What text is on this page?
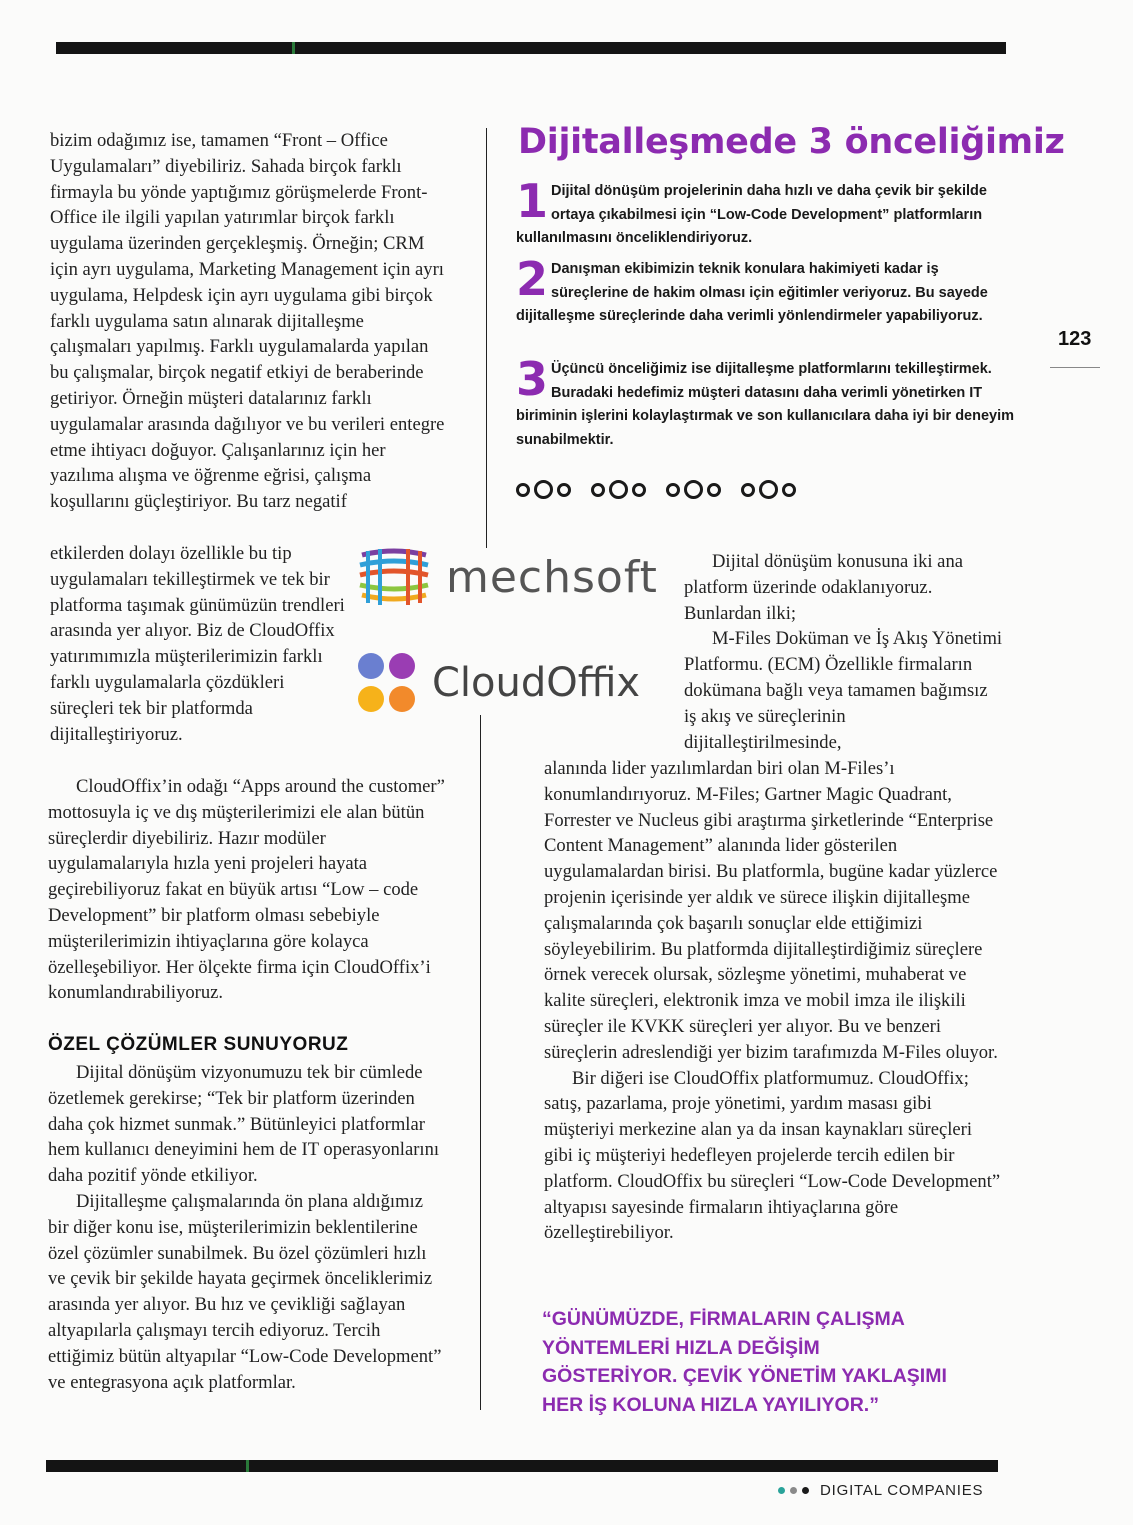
bizim odağımız ise, tamamen “Front – Office Uygulamaları” diyebiliriz. Sahada birçok farklı firmayla bu yönde yaptığımız görüşmelerde Front- Office ile ilgili yapılan yatırımlar birçok farklı uygulama üzerinden gerçekleşmiş. Örneğin; CRM için ayrı uygulama, Marketing Management için ayrı uygulama, Helpdesk için ayrı uygulama gibi birçok farklı uygulama satın alınarak dijitalleşme çalışmaları yapılmış. Farklı uygulamalarda yapılan bu çalışmalar, birçok negatif etkiyi de beraberinde getiriyor. Örneğin müşteri datalarınız farklı uygulamalar arasında dağılıyor ve bu verileri entegre etme ihtiyacı doğuyor. Çalışanlarınız için her yazılıma alışma ve öğrenme eğrisi, çalışma koşullarını güçleştiriyor. Bu tarz negatif

etkilerden dolayı özellikle bu tip uygulamaları tekilleştirmek ve tek bir platforma taşımak günümüzün trendleri arasında yer alıyor. Biz de CloudOffix yatırımımızla müşterilerimizin farklı farklı uygulamalarla çözdükleri süreçleri tek bir platformda dijitalleştiriyoruz.

CloudOffix’in odağı “Apps around the customer” mottosuyla iç ve dış müşterilerimizi ele alan bütün süreçlerdir diyebiliriz. Hazır modüler uygulamalarıyla hızla yeni projeleri hayata geçirebiliyoruz fakat en büyük artısı “Low – code Development” bir platform olması sebebiyle müşterilerimizin ihtiyaçlarına göre kolayca özelleşebiliyor. Her ölçekte firma için CloudOffix’i konumlandırabiliyoruz.

ÖZEL ÇÖZÜMLER SUNUYORUZ

Dijital dönüşüm vizyonumuzu tek bir cümlede özetlemek gerekirse; “Tek bir platform üzerinden daha çok hizmet sunmak.” Bütünleyici platformlar hem kullanıcı deneyimini hem de IT operasyonlarını daha pozitif yönde etkiliyor.

Dijitalleşme çalışmalarında ön plana aldığımız bir diğer konu ise, müşterilerimizin beklentilerine özel çözümler sunabilmek. Bu özel çözümleri hızlı ve çevik bir şekilde hayata geçirmek önceliklerimiz arasında yer alıyor. Bu hız ve çevikliği sağlayan altyapılarla çalışmayı tercih ediyoruz. Tercih ettiğimiz bütün altyapılar “Low-Code Development” ve entegrasyona açık platformlar.

Dijitalleşmede 3 önceliğimiz
1 Dijital dönüşüm projelerinin daha hızlı ve daha çevik bir şekilde ortaya çıkabilmesi için “Low-Code Development” platformların kullanılmasını önceliklendiriyoruz.
2 Danışman ekibimizin teknik konulara hakimiyeti kadar iş süreçlerine de hakim olması için eğitimler veriyoruz. Bu sayede dijitalleşme süreçlerinde daha verimli yönlendirmeler yapabiliyoruz.
3 Üçüncü önceliğimiz ise dijitalleşme platformlarını tekilleştirmek. Buradaki hedefimiz müşteri datasını daha verimli yönetirken IT biriminin işlerini kolaylaştırmak ve son kullanıcılara daha iyi bir deneyim sunabilmektir.
mechsoft
CloudOffix

Dijital dönüşüm konusuna iki ana platform üzerinde odaklanıyoruz. Bunlardan ilki;

M-Files Doküman ve İş Akış Yönetimi Platformu. (ECM) Özellikle firmaların dokümana bağlı veya tamamen bağımsız iş akış ve süreçlerinin dijitalleştirilmesinde,

alanında lider yazılımlardan biri olan M-Files’ı konumlandırıyoruz. M-Files; Gartner Magic Quadrant, Forrester ve Nucleus gibi araştırma şirketlerinde “Enterprise Content Management” alanında lider gösterilen uygulamalardan birisi. Bu platformla, bugüne kadar yüzlerce projenin içerisinde yer aldık ve sürece ilişkin dijitalleşme çalışmalarında çok başarılı sonuçlar elde ettiğimizi söyleyebilirim. Bu platformda dijitalleştirdiğimiz süreçlere örnek verecek olursak, sözleşme yönetimi, muhaberat ve kalite süreçleri, elektronik imza ve mobil imza ile ilişkili süreçler ile KVKK süreçleri yer alıyor. Bu ve benzeri süreçlerin adreslendiği yer bizim tarafımızda M-Files oluyor.

Bir diğeri ise CloudOffix platformumuz. CloudOffix; satış, pazarlama, proje yönetimi, yardım masası gibi müşteriyi merkezine alan ya da insan kaynakları süreçleri gibi iç müşteriyi hedefleyen projelerde tercih edilen bir platform. CloudOffix bu süreçleri “Low-Code Development” altyapısı sayesinde firmaların ihtiyaçlarına göre özelleştirebiliyor.

“GÜNÜMÜZDE, FİRMALARIN ÇALIŞMA
YÖNTEMLERİ HIZLA DEĞİŞİM
GÖSTERİYOR. ÇEVİK YÖNETİM YAKLAŞIMI
HER İŞ KOLUNA HIZLA YAYILIYOR.”

123
DIGITAL COMPANIES
